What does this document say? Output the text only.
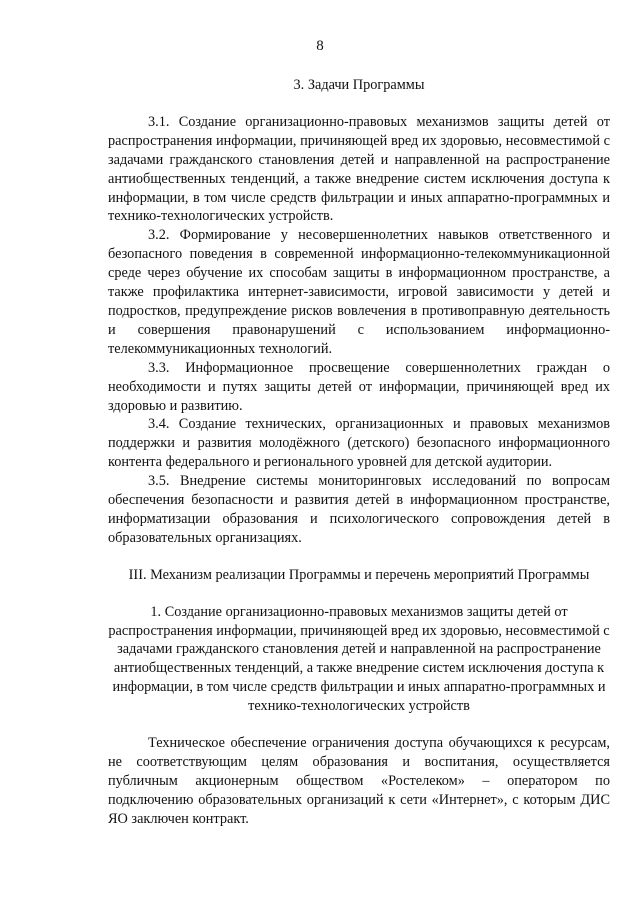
8

3. Задачи Программы

3.1. Создание организационно-правовых механизмов защиты детей от распространения информации, причиняющей вред их здоровью, несовместимой с задачами гражданского становления детей и направленной на распространение антиобщественных тенденций, а также внедрение систем исключения доступа к информации, в том числе средств фильтрации и иных аппаратно-программных и технико-технологических устройств.

3.2. Формирование у несовершеннолетних навыков ответственного и безопасного поведения в современной информационно-телекоммуникационной среде через обучение их способам защиты в информационном пространстве, а также профилактика интернет-зависимости, игровой зависимости у детей и подростков, предупреждение рисков вовлечения в противоправную деятельность и совершения правонарушений с использованием информационно-телекоммуникационных технологий.

3.3. Информационное просвещение совершеннолетних граждан о необходимости и путях защиты детей от информации, причиняющей вред их здоровью и развитию.

3.4. Создание технических, организационных и правовых механизмов поддержки и развития молодёжного (детского) безопасного информационного контента федерального и регионального уровней для детской аудитории.

3.5. Внедрение системы мониторинговых исследований по вопросам обеспечения безопасности и развития детей в информационном пространстве, информатизации образования и психологического сопровождения детей в образовательных организациях.

III. Механизм реализации Программы и перечень мероприятий Программы

1. Создание организационно-правовых механизмов защиты детей от распространения информации, причиняющей вред их здоровью, несовместимой с задачами гражданского становления детей и направленной на распространение антиобщественных тенденций, а также внедрение систем исключения доступа к информации, в том числе средств фильтрации и иных аппаратно-программных и технико-технологических устройств

Техническое обеспечение ограничения доступа обучающихся к ресурсам, не соответствующим целям образования и воспитания, осуществляется публичным акционерным обществом «Ростелеком» – оператором по подключению образовательных организаций к сети «Интернет», с которым ДИС ЯО заключен контракт.
